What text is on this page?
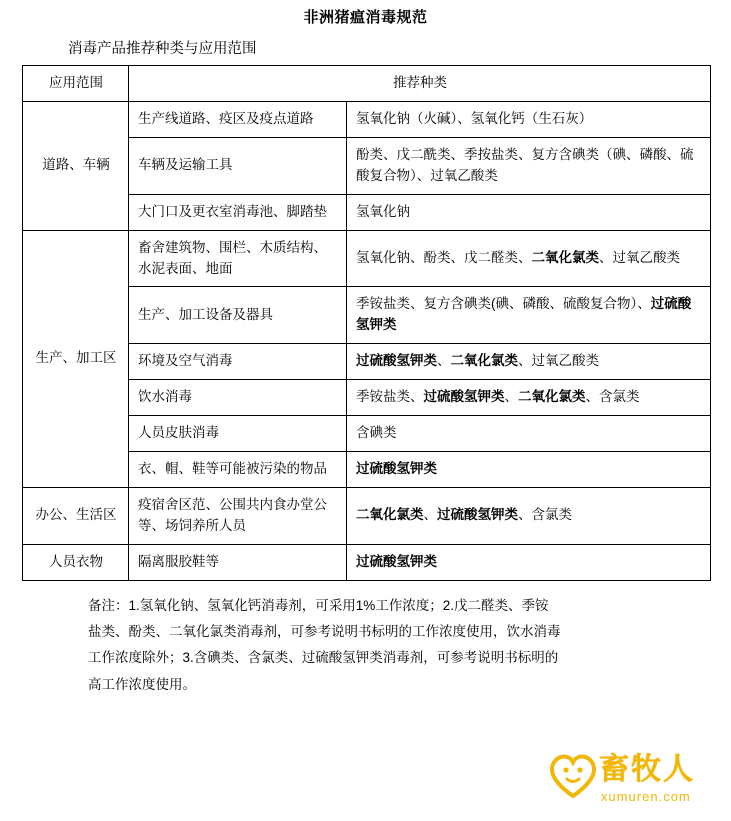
非洲猪瘟消毒规范
消毒产品推荐种类与应用范围
应用范围	推荐种类	
道路、车辆	生产线道路、疫区及疫点道路	氢氧化钠（火碱）、氢氧化钙（生石灰）
	车辆及运输工具	酚类、戊二酰类、季按盐类、复方含碘类（碘、磷酸、硫酸复合物）、过氧乙酸类
	大门口及更衣室消毒池、脚踏垫	氢氧化钠
生产、加工区	畜舍建筑物、围栏、木质结构、水泥表面、地面	氢氧化钠、酚类、戊二醛类、二氧化氯类、过氧乙酸类
	生产、加工设备及器具	季铵盐类、复方含碘类(碘、磷酸、硫酸复合物）、过硫酸氢钾类
	环境及空气消毒	过硫酸氢钾类、二氧化氯类、过氧乙酸类
	饮水消毒	季铵盐类、过硫酸氢钾类、二氧化氯类、含氯类
	人员皮肤消毒	含碘类
	衣、帽、鞋等可能被污染的物品	过硫酸氢钾类
办公、生活区	疫宿舍区范、公围共内食办堂公等、场饲养所人员	二氧化氯类、过硫酸氢钾类、含氯类
人员衣物	隔离服胶鞋等	过硫酸氢钾类

备注：1.氢氧化钠、氢氧化钙消毒剂，可采用1%工作浓度；2.戊二醛类、季铵

盐类、酚类、二氧化氯类消毒剂，可参考说明书标明的工作浓度使用，饮水消毒

工作浓度除外；3.含碘类、含氯类、过硫酸氢钾类消毒剂，可参考说明书标明的

高工作浓度使用。

畜牧人
xumuren.com
